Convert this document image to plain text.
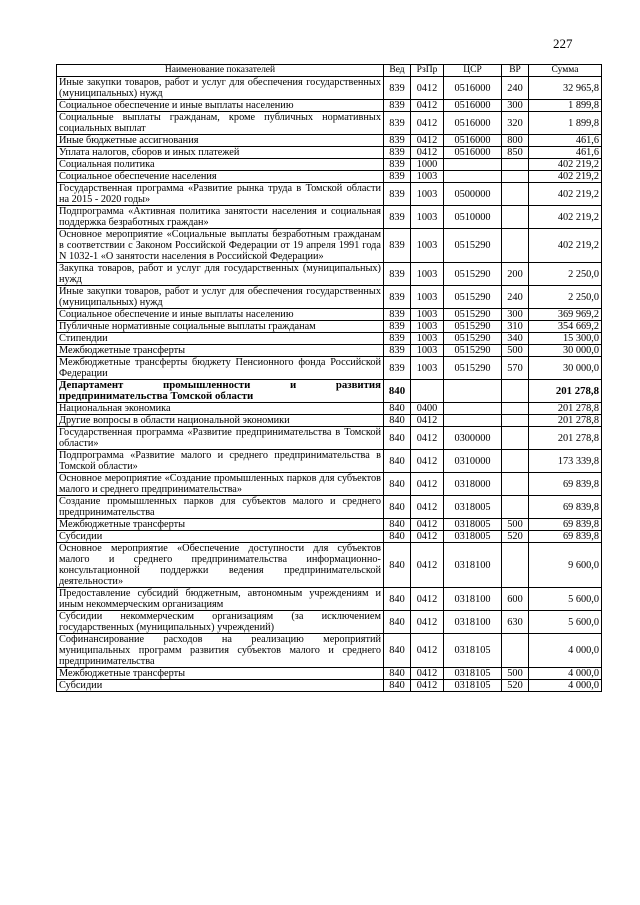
227
Наименование показателей	Вед	РзПр	ЦСР	ВР	Сумма
Иные закупки товаров, работ и услуг для обеспечения государственных (муниципальных) нужд	839	0412	0516000	240	32 965,8
Социальное обеспечение и иные выплаты населению	839	0412	0516000	300	1 899,8
Социальные выплаты гражданам, кроме публичных нормативных социальных выплат	839	0412	0516000	320	1 899,8
Иные бюджетные ассигнования	839	0412	0516000	800	461,6
Уплата налогов, сборов и иных платежей	839	0412	0516000	850	461,6
Социальная политика	839	1000			402 219,2
Социальное обеспечение населения	839	1003			402 219,2
Государственная программа «Развитие рынка труда в Томской области на 2015 - 2020 годы»	839	1003	0500000		402 219,2
Подпрограмма «Активная политика занятости населения и социальная поддержка безработных граждан»	839	1003	0510000		402 219,2
Основное мероприятие «Социальные выплаты безработным гражданам в соответствии с Законом Российской Федерации от 19 апреля 1991 года N 1032-1 «О занятости населения в Российской Федерации»	839	1003	0515290		402 219,2
Закупка товаров, работ и услуг для государственных (муниципальных) нужд	839	1003	0515290	200	2 250,0
Иные закупки товаров, работ и услуг для обеспечения государственных (муниципальных) нужд	839	1003	0515290	240	2 250,0
Социальное обеспечение и иные выплаты населению	839	1003	0515290	300	369 969,2
Публичные нормативные социальные выплаты гражданам	839	1003	0515290	310	354 669,2
Стипендии	839	1003	0515290	340	15 300,0
Межбюджетные трансферты	839	1003	0515290	500	30 000,0
Межбюджетные трансферты бюджету Пенсионного фонда Российской Федерации	839	1003	0515290	570	30 000,0
Департамент промышленности и развития предпринимательства Томской области	840				201 278,8
Национальная экономика	840	0400			201 278,8
Другие вопросы в области национальной экономики	840	0412			201 278,8
Государственная программа «Развитие предпринимательства в Томской области»	840	0412	0300000		201 278,8
Подпрограмма «Развитие малого и среднего предпринимательства в Томской области»	840	0412	0310000		173 339,8
Основное мероприятие «Создание промышленных парков для субъектов малого и среднего предпринимательства»	840	0412	0318000		69 839,8
Создание промышленных парков для субъектов малого и среднего предпринимательства	840	0412	0318005		69 839,8
Межбюджетные трансферты	840	0412	0318005	500	69 839,8
Субсидии	840	0412	0318005	520	69 839,8
Основное мероприятие «Обеспечение доступности для субъектов малого и среднего предпринимательства информационно-консультационной поддержки ведения предпринимательской деятельности»	840	0412	0318100		9 600,0
Предоставление субсидий бюджетным, автономным учреждениям и иным некоммерческим организациям	840	0412	0318100	600	5 600,0
Субсидии некоммерческим организациям (за исключением государственных (муниципальных) учреждений)	840	0412	0318100	630	5 600,0
Софинансирование расходов на реализацию мероприятий муниципальных программ развития субъектов малого и среднего предпринимательства	840	0412	0318105		4 000,0
Межбюджетные трансферты	840	0412	0318105	500	4 000,0
Субсидии	840	0412	0318105	520	4 000,0
